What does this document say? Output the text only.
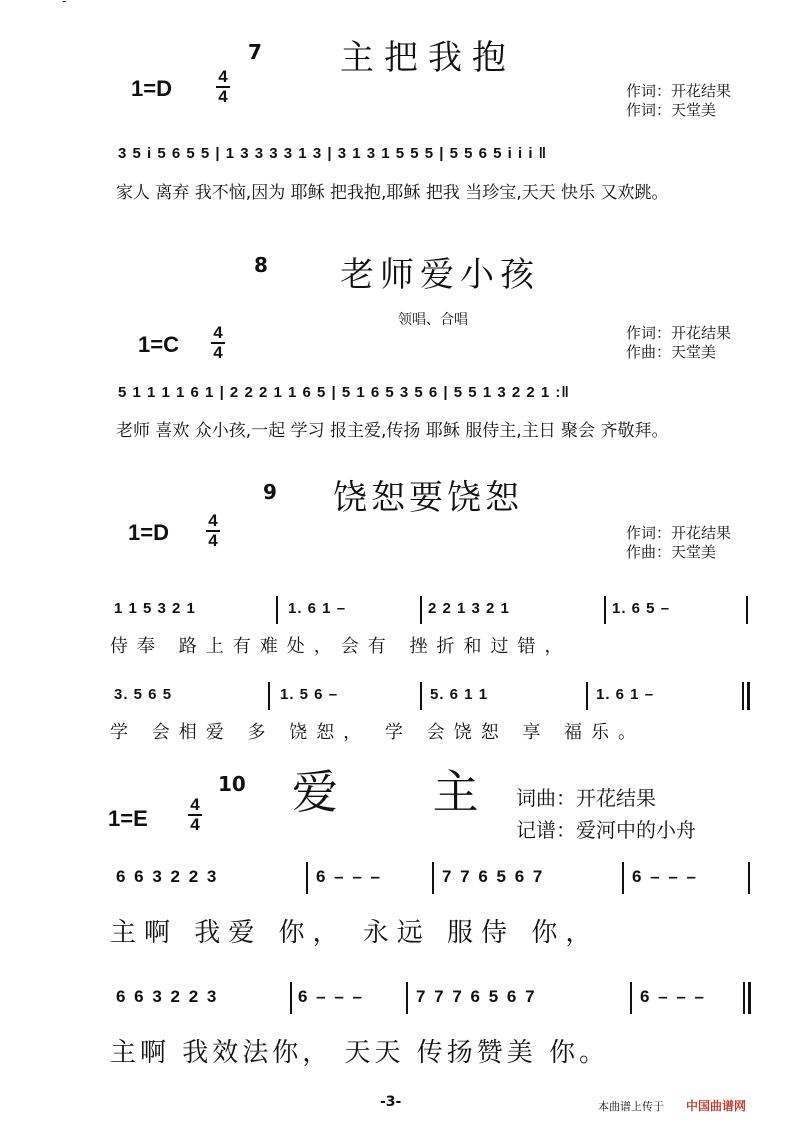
-
7 主把我抱
1=D	4
4	作词：开花结果
作词：天堂美
3 5 i 5 6 5 5 | 1 3 3 3 3 1 3 | 3 1 3 1 5 5 5 | 5 5 6 5 i i i ‖
家人 离弃 我不恼,因为 耶稣 把我抱,耶稣 把我 当珍宝,天天 快乐 又欢跳。
8 老师爱小孩
领唱、合唱
1=C 4
4
作词：开花结果
作曲：天堂美
5 1 1 1 1 6 1 | 2 2 2 1 1 6 5 | 5 1 6 5 3 5 6 | 5 5 1 3 2 2 1 :‖
老师 喜欢 众小孩,一起 学习 报主爱,传扬 耶稣 服侍主,主日 聚会 齐敬拜。
9 饶恕要饶恕
1=D 4
4	作词：开花结果
作曲：天堂美
1 1 5 3 2 1	1. 6 1 –	2 2 1 3 2 1	1. 6 5 –
侍奉 路上有难处，会有 挫折和过错，
3. 5 6 5	1. 5 6 –	5. 6 1 1	1. 6 1 –
学 会相爱 多 饶恕， 学 会饶恕 享 福乐。
10 爱 主
1=E
4
4
词曲：开花结果
记谱：爱河中的小舟
6 6 3 2 2 3	6 – – –	7 7 6 5 6 7	6 – – –
主啊 我爱 你， 永远 服侍 你，
6 6 3 2 2 3	6 – – –	7 7 7 6 5 6 7	6 – – –
主啊 我效法你， 天天 传扬赞美 你。
-3-	本曲谱上传于 中国曲谱网
